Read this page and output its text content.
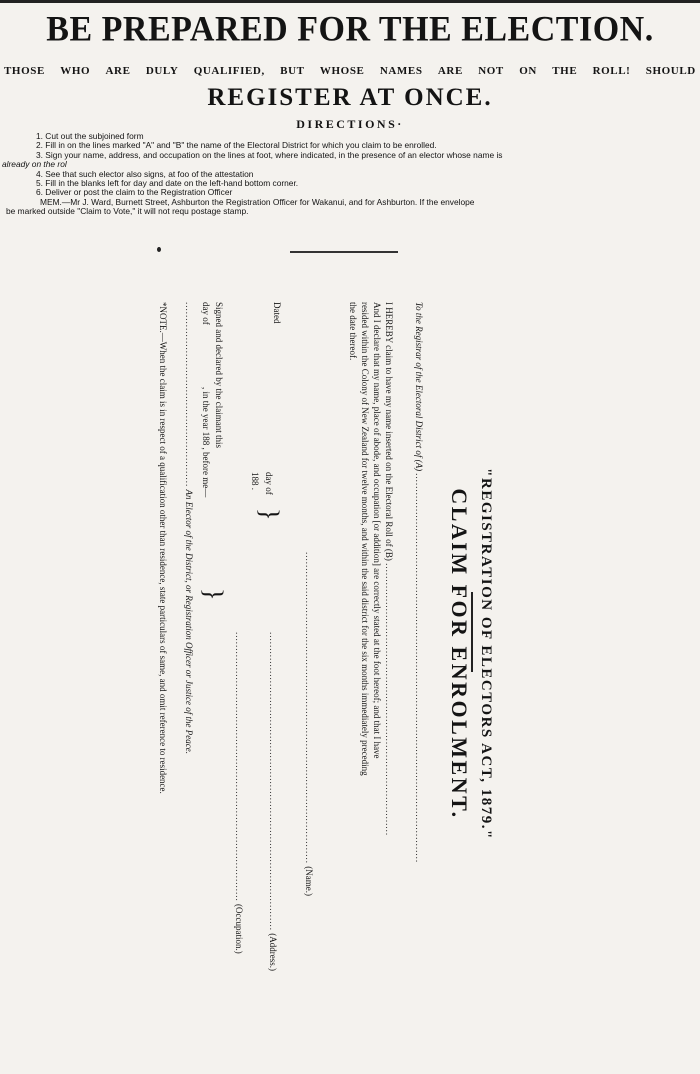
BE PREPARED FOR THE ELECTION.
THOSE WHO ARE DULY QUALIFIED, BUT WHOSE NAMES ARE NOT ON THE ROLL! SHOULD
REGISTER AT ONCE.
DIRECTIONS·
1. Cut out the subjoined form
2. Fill in on the lines marked "A" and "B" the name of the Electoral District for which you claim to be enrolled.
3. Sign your name, address, and occupation on the lines at foot, where indicated, in the presence of an elector whose name is
already on the rol
4. See that such elector also signs, at foo of the attestation
5. Fill in the blanks left for day and date on the left-hand bottom corner.
6. Deliver or post the claim to the Registration Officer
MEM.—Mr J. Ward, Burnett Street, Ashburton the Registration Officer for Wakanui, and for Ashburton. If the envelope
be marked outside "Claim to Vote," it will not requ postage stamp.
"REGISTRATION OF ELECTORS ACT, 1879."
CLAIM FOR ENROLMENT.
To the Registrar of the Electoral District of (A) ........................................................................................................................
I HEREBY claim to have my name inserted on the Electoral Roll of (B) ....................................................................................
And I declare that my name, place of abode, and occupation [or addition] are correctly stated at the foot hereof; and that I have
resided within the Colony of New Zealand for twelve months, and within the said district for the six months immediately preceding
the date thereof.
................................................................................................ (Name.)
Dated
day of
188 .
}
............................................................................................ (Address.)
................................................................................... (Occupation.)
Signed and declared by the claimant this
day of , in the year 188 , before me—
}
......................................................... An Elector of the District, or Registration Officer or Justice of the Peace.
*NOTE.—When the claim is in respect of a qualification other than residence, state particulars of same, and omit reference to residence.
